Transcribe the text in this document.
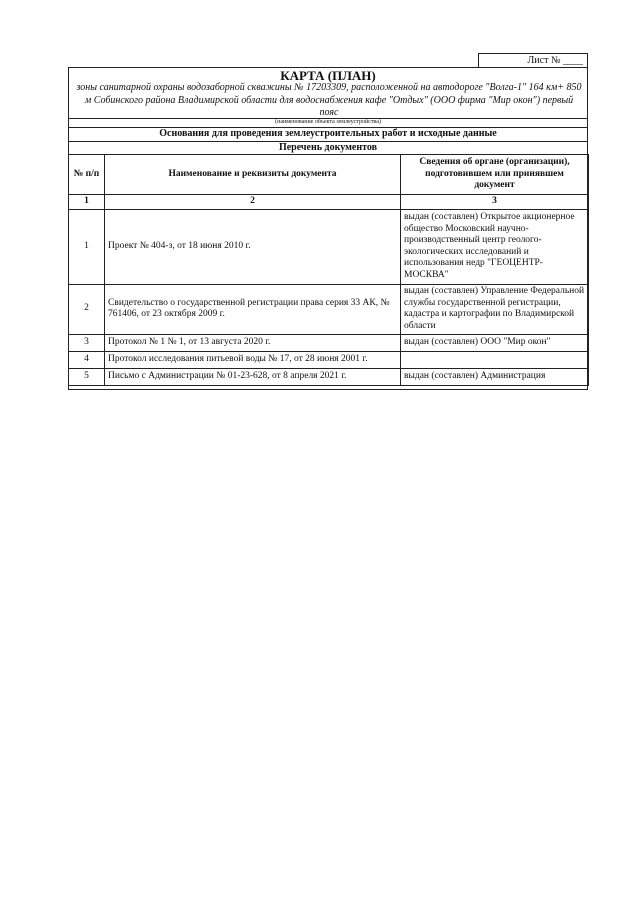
Лист № ____
КАРТА (ПЛАН)
зоны санитарной охраны водозаборной скважины № 17203309, расположенной на автодороге "Волга-1" 164 км+ 850 м Собинского района Владимирской области для водоснабжения кафе "Отдых" (ООО фирма "Мир окон") первый пояс
(наименование объекта землеустройства)
Основания для проведения землеустроительных работ и исходные данные
Перечень документов
№ п/п	Наименование и реквизиты документа	Сведения об органе (организации), подготовившем или принявшем документ
1	2	3
1	Проект № 404-з, от 18 июня 2010 г.	выдан (составлен) Открытое акционерное общество Московский научно-производственный центр геолого-экологических исследований и использования недр "ГЕОЦЕНТР-МОСКВА"
2	Свидетельство о государственной регистрации права серия 33 АК, № 761406, от 23 октября 2009 г.	выдан (составлен) Управление Федеральной службы государственной регистрации, кадастра и картографии по Владимирской области
3	Протокол № 1 № 1, от 13 августа 2020 г.	выдан (составлен) ООО "Мир окон"
4	Протокол исследования питьевой воды № 17, от 28 июня 2001 г.	
5	Письмо с Администрации № 01-23-628, от 8 апреля 2021 г.	выдан (составлен) Администрация
